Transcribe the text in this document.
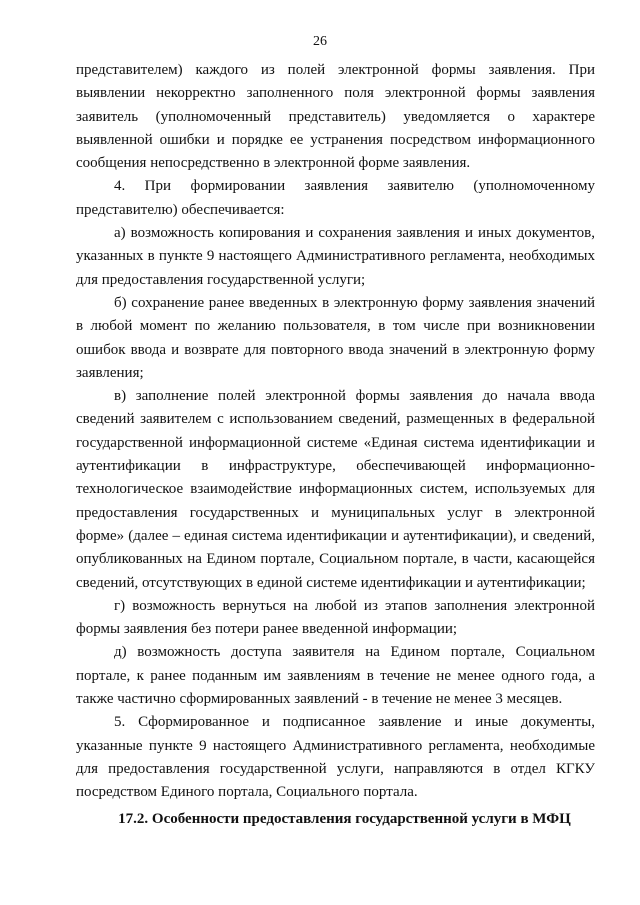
26

представителем) каждого из полей электронной формы заявления. При выявлении некорректно заполненного поля электронной формы заявления заявитель (уполномоченный представитель) уведомляется о характере выявленной ошибки и порядке ее устранения посредством информационного сообщения непосредственно в электронной форме заявления.

4. При формировании заявления заявителю (уполномоченному представителю) обеспечивается:

а) возможность копирования и сохранения заявления и иных документов, указанных в пункте 9 настоящего Административного регламента, необходимых для предоставления государственной услуги;

б) сохранение ранее введенных в электронную форму заявления значений в любой момент по желанию пользователя, в том числе при возникновении ошибок ввода и возврате для повторного ввода значений в электронную форму заявления;

в) заполнение полей электронной формы заявления до начала ввода сведений заявителем с использованием сведений, размещенных в федеральной государственной информационной системе «Единая система идентификации и аутентификации в инфраструктуре, обеспечивающей информационно-технологическое взаимодействие информационных систем, используемых для предоставления государственных и муниципальных услуг в электронной форме» (далее – единая система идентификации и аутентификации), и сведений, опубликованных на Едином портале, Социальном портале, в части, касающейся сведений, отсутствующих в единой системе идентификации и аутентификации;

г) возможность вернуться на любой из этапов заполнения электронной формы заявления без потери ранее введенной информации;

д) возможность доступа заявителя на Едином портале, Социальном портале, к ранее поданным им заявлениям в течение не менее одного года, а также частично сформированных заявлений - в течение не менее 3 месяцев.

5. Сформированное и подписанное заявление и иные документы, указанные пункте 9 настоящего Административного регламента, необходимые для предоставления государственной услуги, направляются в отдел КГКУ посредством Единого портала, Социального портала.

17.2. Особенности предоставления государственной услуги в МФЦ
